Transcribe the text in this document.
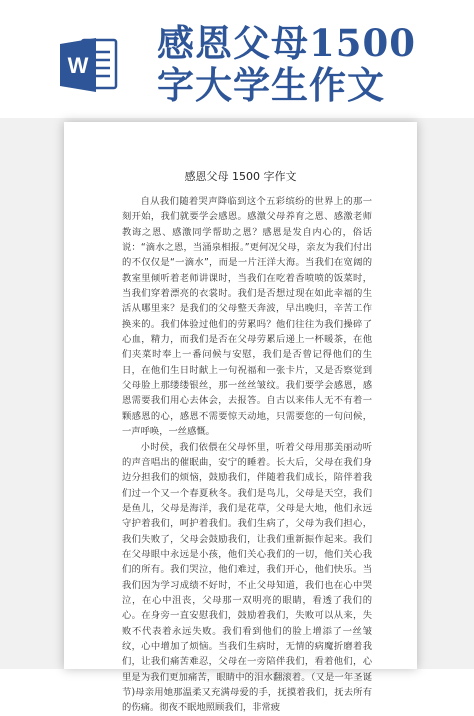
W
感恩父母1500
字大学生作文
感恩父母 1500 字作文

自从我们随着哭声降临到这个五彩缤纷的世界上的那一刻开始，我们就要学会感恩。感激父母养育之恩、感激老师教诲之恩、感激同学帮助之恩？感恩是发自内心的，俗话说：“滴水之恩，当涌泉相报。”更何况父母，亲友为我们付出的不仅仅是“一滴水”，而是一片汪洋大海。当我们在宽阔的教室里倾听着老师讲课时，当我们在吃着香喷喷的饭菜时，当我们穿着漂亮的衣裳时。我们是否想过现在如此幸福的生活从哪里来？是我们的父母整天奔波，早出晚归，辛苦工作换来的。我们体验过他们的劳累吗？他们往往为我们操碎了心血，精力，而我们是否在父母劳累后递上一杯暖茶，在他们夹菜时奉上一番问候与安慰，我们是否曾记得他们的生日，在他们生日时献上一句祝福和一张卡片，又是否察觉到父母脸上那缕缕银丝，那一丝丝皱纹。我们要学会感恩，感恩需要我们用心去体会，去报答。自古以来伟人无不有着一颗感恩的心，感恩不需要惊天动地，只需要您的一句问候，一声呼唤，一丝感慨。

小时侯，我们依偎在父母怀里，听着父母用那美丽动听的声音唱出的催眠曲，安宁的睡着。长大后，父母在我们身边分担我们的烦恼，鼓励我们，伴随着我们成长，陪伴着我们过一个又一个春夏秋冬。我们是鸟儿，父母是天空，我们是鱼儿，父母是海洋，我们是花草，父母是大地，他们永远守护着我们，呵护着我们。我们生病了，父母为我们担心，我们失败了，父母会鼓励我们，让我们重新振作起来。我们在父母眼中永远是小孩，他们关心我们的一切，他们关心我们的所有。我们哭泣，他们难过，我们开心，他们快乐。当我们因为学习成绩不好时，不止父母知道，我们也在心中哭泣，在心中沮丧，父母那一双明亮的眼睛，看透了我们的心。在身旁一直安慰我们，鼓励着我们，失败可以从来，失败不代表着永远失败。我们看到他们的脸上增添了一丝皱纹，心中增加了烦恼。当我们生病时，无情的病魔折磨着我们，让我们痛苦难忍，父母在一旁陪伴我们，看着他们，心里是为我们更加痛苦，眼睛中的泪水翻滚着。（又是一年圣诞节)母亲用她那温柔又充满母爱的手，抚摸着我们，抚去所有的伤痛。彻夜不眠地照顾我们，非常疲
